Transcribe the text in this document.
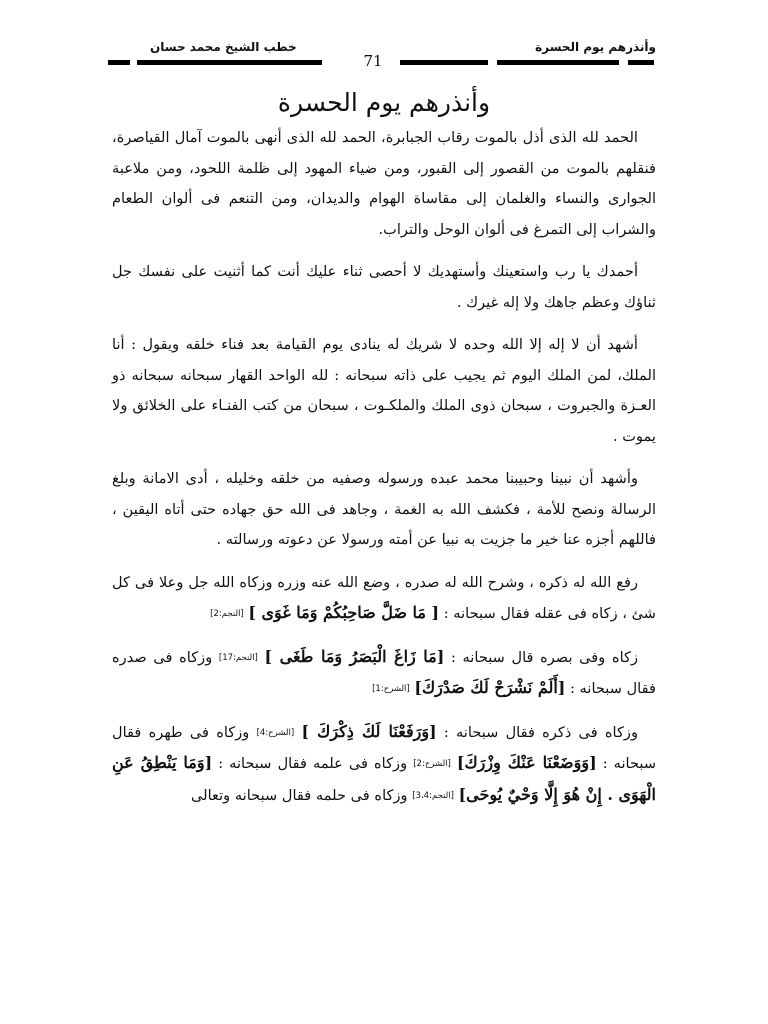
وأنذرهم يوم الحسرة
خطب الشيخ محمد حسان
71
وأنذرهم يوم الحسرة

الحمد لله الذى أذل بالموت رقاب الجبابرة، الحمد لله الذى أنهى بالموت آمال القياصرة، فنقلهم بالموت من القصور إلى القبور، ومن ضياء المهود إلى ظلمة اللحود، ومن ملاعبة الجوارى والنساء والغلمان إلى مقاساة الهوام والديدان، ومن التنعم فى ألوان الطعام والشراب إلى التمرغ فى ألوان الوحل والتراب.

أحمدك يا رب واستعينك وأستهديك لا أحصى ثناء عليك أنت كما أثنيت على نفسك جل ثناؤك وعظم جاهك ولا إله غيرك .

أشهد أن لا إله إلا الله وحده لا شريك له ينادى يوم القيامة بعد فناء خلقه ويقول : أنا الملك، لمن الملك اليوم ثم يجيب على ذاته سبحانه : لله الواحد القهار سبحانه سبحانه ذو العـزة والجبروت ، سبحان ذوى الملك والملكـوت ، سبحان من كتب الفنـاء على الخلائق ولا يموت .

وأشهد أن نبينا وحبيبنا محمد عبده ورسوله وصفيه من خلقه وخليله ، أدى الامانة وبلغ الرسالة ونصح للأمة ، فكشف الله به الغمة ، وجاهد فى الله حق جهاده حتى أتاه اليقين ، فاللهم أجزه عنا خير ما جزيت به نبيا عن أمته ورسولا عن دعوته ورسالته .

رفع الله له ذكره ، وشرح الله له صدره ، وضع الله عنه وزره وزكاه الله جل وعلا فى كل شئ ، زكاه فى عقله فقال سبحانه : [ مَا ضَلَّ صَاحِبُكُمْ وَمَا غَوَى ] [النجم:2]

زكاه وفى بصره قال سبحانه : [مَا زَاغَ الْبَصَرُ وَمَا طَغَى ] [النجم:17] وزكاه فى صدره فقال سبحانه : [أَلَمْ نَشْرَحْ لَكَ صَدْرَكَ] [الشرح:1]

وزكاه فى ذكره فقال سبحانه : [وَرَفَعْنَا لَكَ ذِكْرَكَ ] [الشرح:4] وزكاه فى طهره فقال سبحانه : [وَوَضَعْنَا عَنْكَ وِزْرَكَ] [الشرح:2] وزكاه فى علمه فقال سبحانه : [وَمَا يَنْطِقُ عَنِ الْهَوَى . إِنْ هُوَ إِلَّا وَحْيٌ يُوحَى] [النجم:3،4] وزكاه فى حلمه فقال سبحانه وتعالى
